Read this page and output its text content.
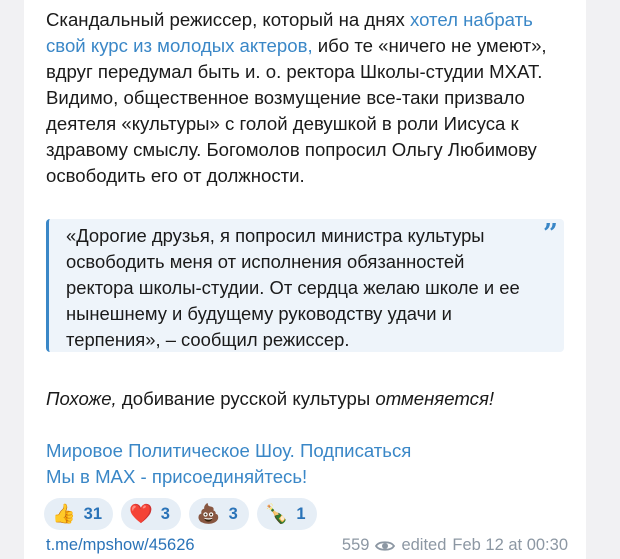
Скандальный режиссер, который на днях хотел набрать свой курс из молодых актеров, ибо те «ничего не умеют», вдруг передумал быть и. о. ректора Школы-студии МХАТ. Видимо, общественное возмущение все-таки призвало деятеля «культуры» с голой девушкой в роли Иисуса к здравому смыслу. Богомолов попросил Ольгу Любимову освободить его от должности.
«Дорогие друзья, я попросил министра культуры освободить меня от исполнения обязанностей ректора школы-студии. От сердца желаю школе и ее нынешнему и будущему руководству удачи и терпения», – сообщил режиссер.
”
Похоже, добивание русской культуры отменяется!
Мировое Политическое Шоу. Подписаться
Мы в MAX - присоединяйтесь!
👍 31 ❤️ 3 💩 3 🍾 1
t.me/mpshow/45626	559 edited Feb 12 at 00:30
